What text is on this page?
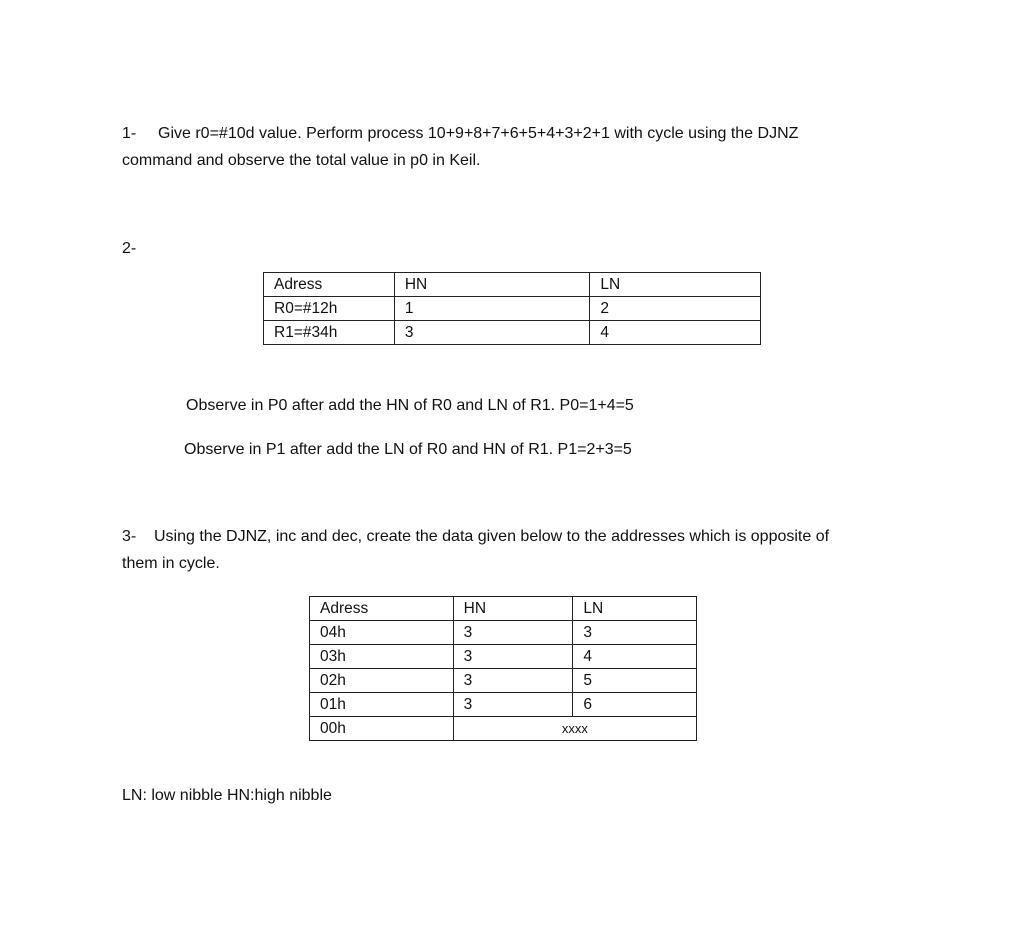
1- Give r0=#10d value. Perform process 10+9+8+7+6+5+4+3+2+1 with cycle using the DJNZ
command and observe the total value in p0 in Keil.
2-
Adress	HN	LN
R0=#12h	1	2
R1=#34h	3	4
Observe in P0 after add the HN of R0 and LN of R1. P0=1+4=5
Observe in P1 after add the LN of R0 and HN of R1. P1=2+3=5
3- Using the DJNZ, inc and dec, create the data given below to the addresses which is opposite of
them in cycle.
Adress	HN	LN
04h	3	3
03h	3	4
02h	3	5
01h	3	6
00h	xxxx	
LN: low nibble HN:high nibble
